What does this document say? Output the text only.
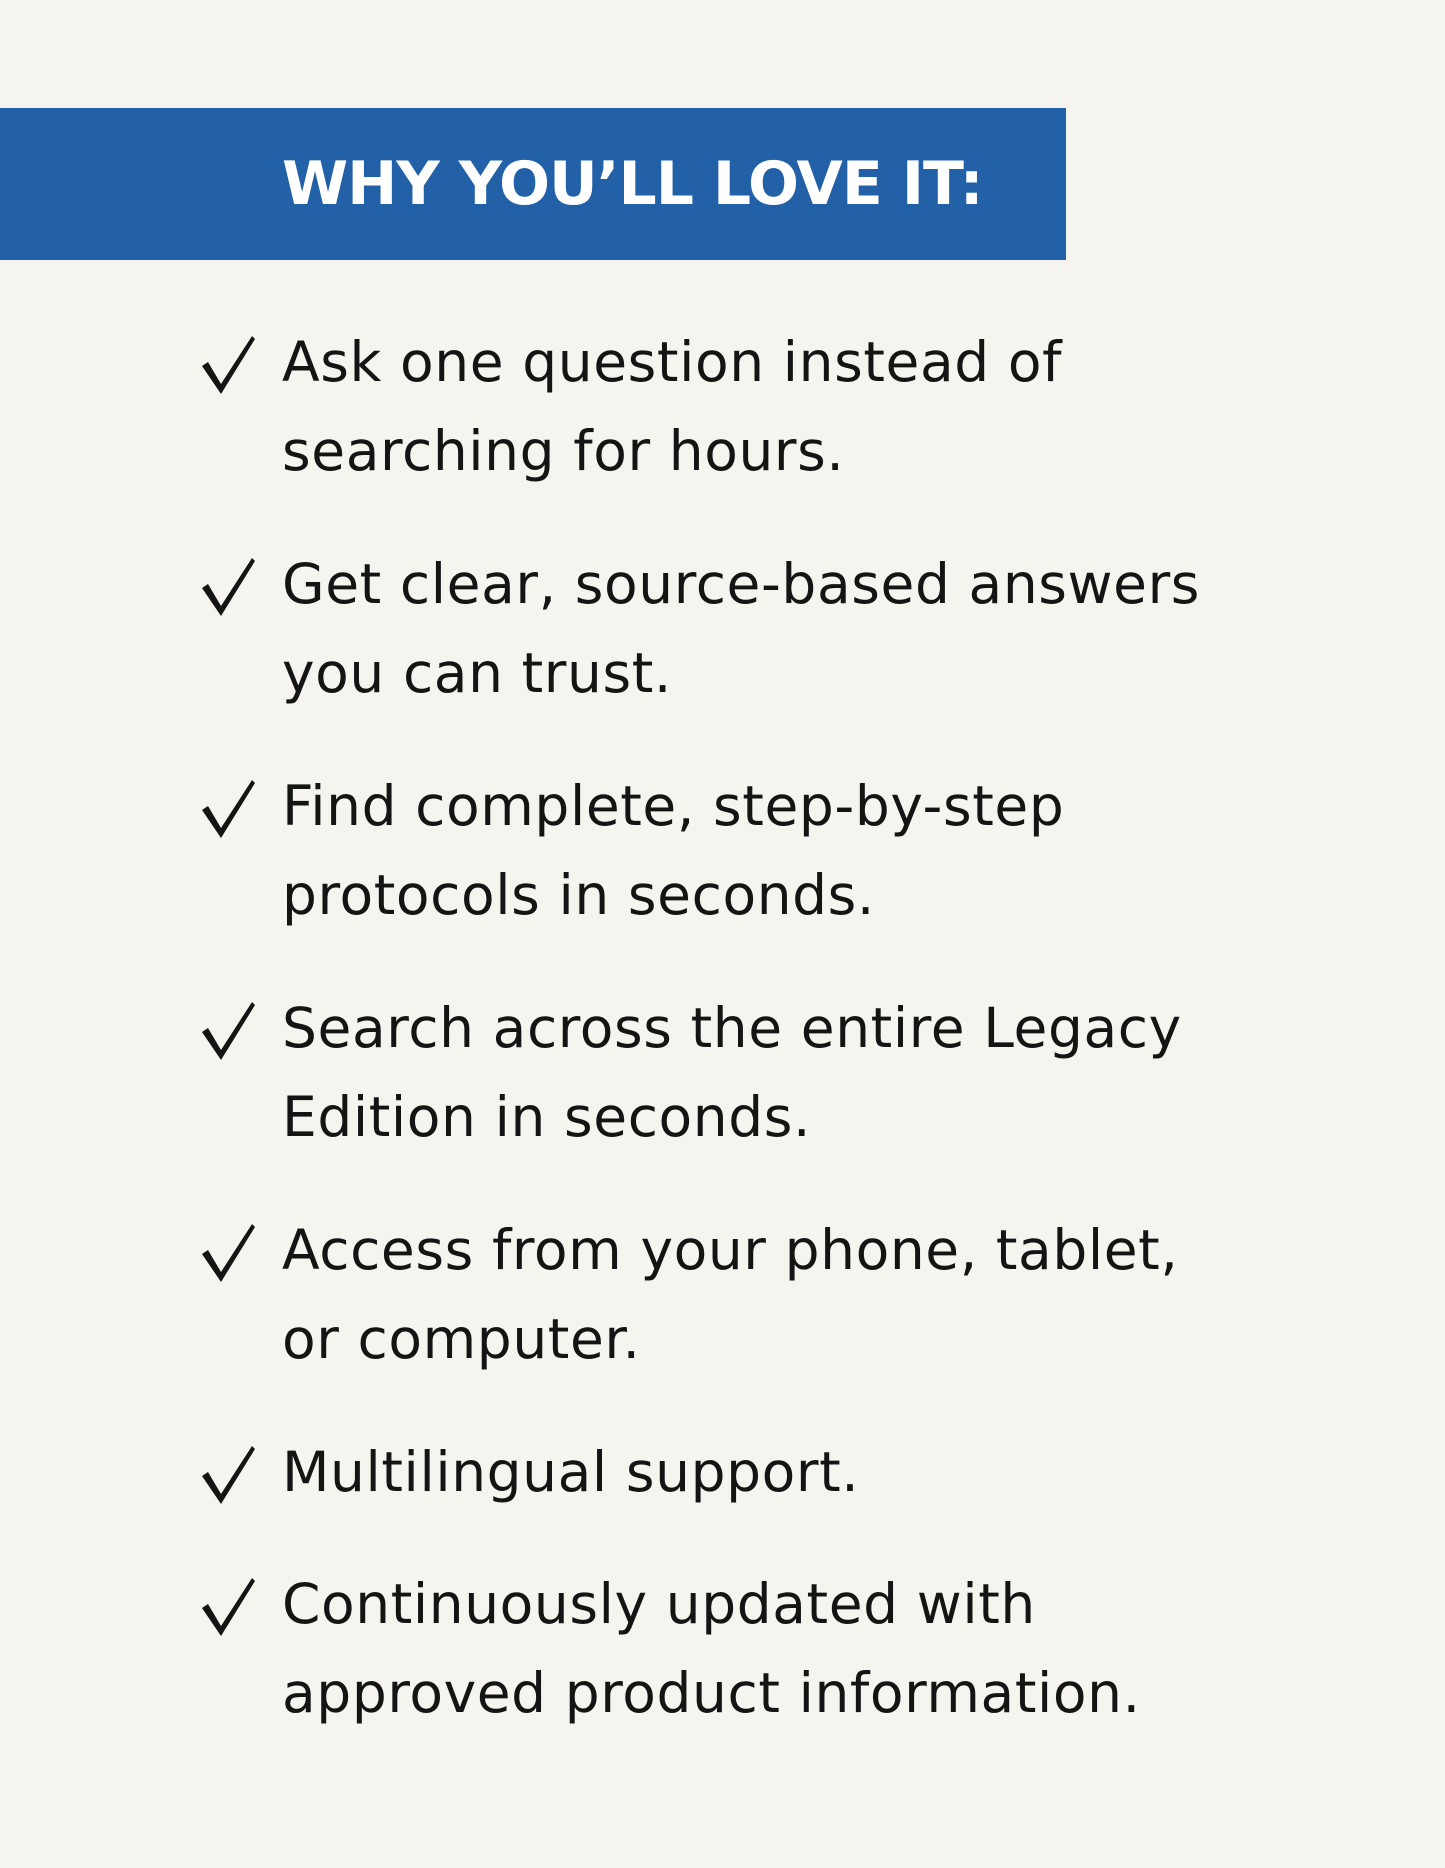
WHY YOU’LL LOVE IT:

Ask one question instead of
searching for hours.

Get clear, source-based answers
you can trust.

Find complete, step-by-step
protocols in seconds.

Search across the entire Legacy
Edition in seconds.

Access from your phone, tablet,
or computer.

Multilingual support.

Continuously updated with
approved product information.
